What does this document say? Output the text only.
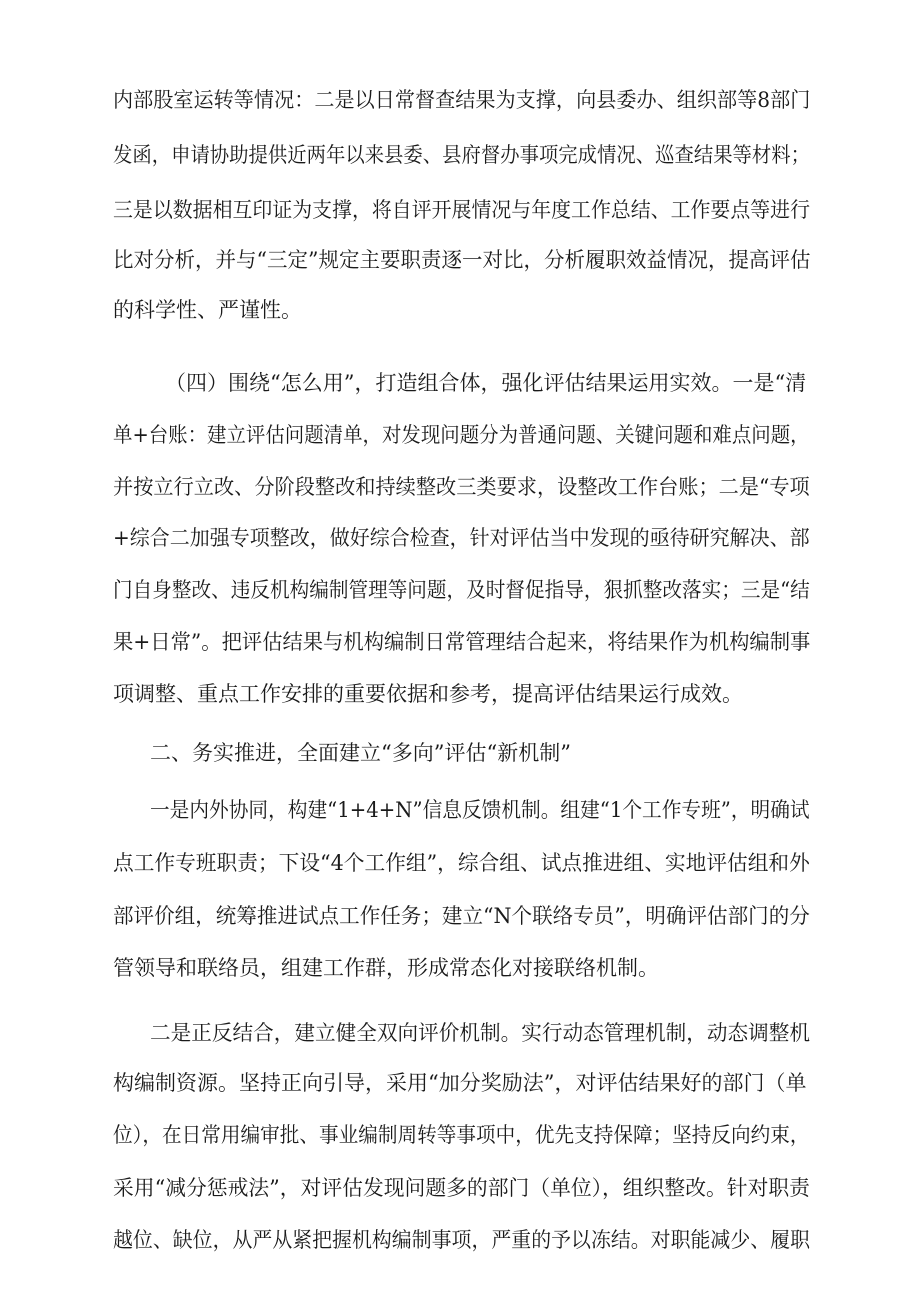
内部股室运转等情况：二是以日常督查结果为支撑，向县委办、组织部等8部门
发函，申请协助提供近两年以来县委、县府督办事项完成情况、巡查结果等材料；
三是以数据相互印证为支撑，将自评开展情况与年度工作总结、工作要点等进行
比对分析，并与“三定”规定主要职责逐一对比，分析履职效益情况，提高评估
的科学性、严谨性。
（四）围绕“怎么用”，打造组合体，强化评估结果运用实效。一是“清
单+台账：建立评估问题清单，对发现问题分为普通问题、关键问题和难点问题，
并按立行立改、分阶段整改和持续整改三类要求，设整改工作台账；二是“专项
+综合二加强专项整改，做好综合检查，针对评估当中发现的亟待研究解决、部
门自身整改、违反机构编制管理等问题，及时督促指导，狠抓整改落实；三是“结
果+日常”。把评估结果与机构编制日常管理结合起来，将结果作为机构编制事
项调整、重点工作安排的重要依据和参考，提高评估结果运行成效。
二、务实推进，全面建立“多向”评估“新机制”
一是内外协同，构建“1+4+N”信息反馈机制。组建“1个工作专班”，明确试
点工作专班职责；下设“4个工作组”，综合组、试点推进组、实地评估组和外
部评价组，统筹推进试点工作任务；建立“N个联络专员”，明确评估部门的分
管领导和联络员，组建工作群，形成常态化对接联络机制。
二是正反结合，建立健全双向评价机制。实行动态管理机制，动态调整机
构编制资源。坚持正向引导，采用“加分奖励法”，对评估结果好的部门（单
位），在日常用编审批、事业编制周转等事项中，优先支持保障；坚持反向约束，
采用“减分惩戒法”，对评估发现问题多的部门（单位），组织整改。针对职责
越位、缺位，从严从紧把握机构编制事项，严重的予以冻结。对职能减少、履职
